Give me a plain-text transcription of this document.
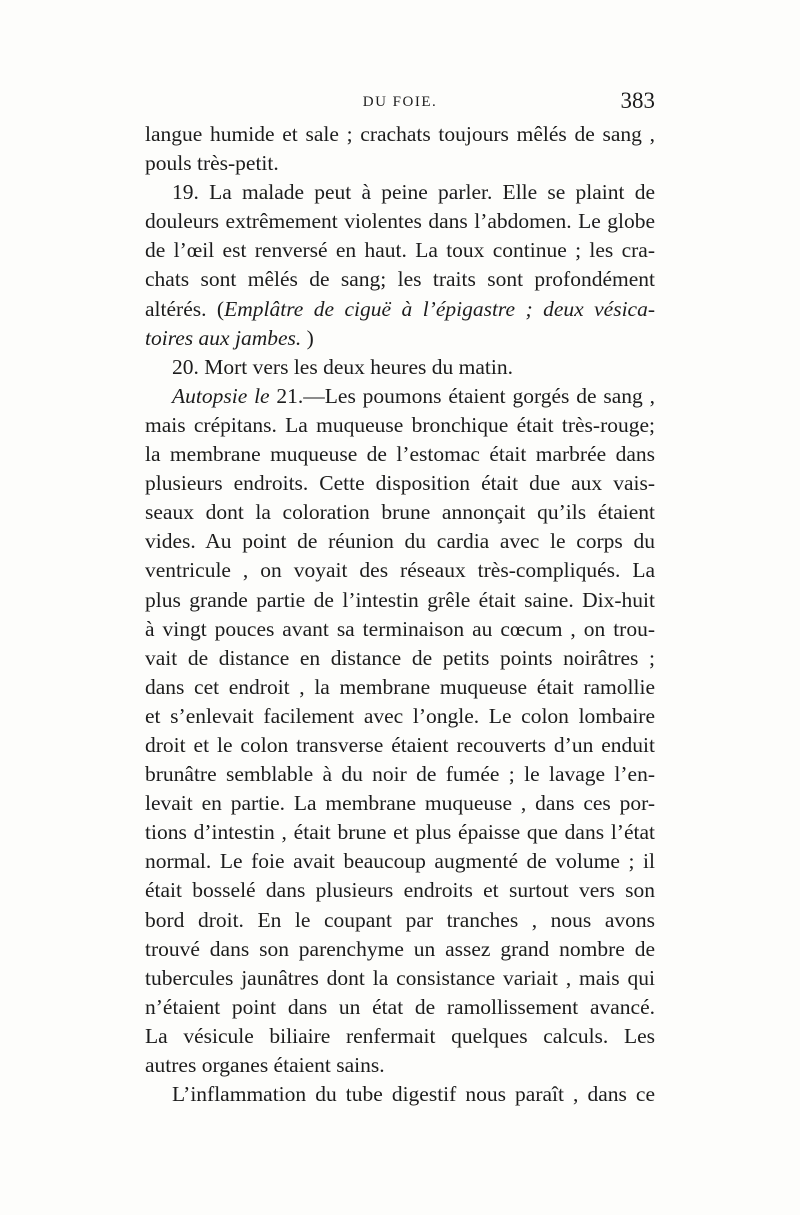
DU FOIE.	383
langue humide et sale ; crachats toujours mêlés de sang ,
pouls très-petit.
19. La malade peut à peine parler. Elle se plaint de
douleurs extrêmement violentes dans l’abdomen. Le globe
de l’œil est renversé en haut. La toux continue ; les cra-
chats sont mêlés de sang; les traits sont profondément
altérés. (Emplâtre de ciguë à l’épigastre ; deux vésica-
toires aux jambes. )
20. Mort vers les deux heures du matin.
Autopsie le 21.—Les poumons étaient gorgés de sang ,
mais crépitans. La muqueuse bronchique était très-rouge;
la membrane muqueuse de l’estomac était marbrée dans
plusieurs endroits. Cette disposition était due aux vais-
seaux dont la coloration brune annonçait qu’ils étaient
vides. Au point de réunion du cardia avec le corps du
ventricule , on voyait des réseaux très-compliqués. La
plus grande partie de l’intestin grêle était saine. Dix-huit
à vingt pouces avant sa terminaison au cœcum , on trou-
vait de distance en distance de petits points noirâtres ;
dans cet endroit , la membrane muqueuse était ramollie
et s’enlevait facilement avec l’ongle. Le colon lombaire
droit et le colon transverse étaient recouverts d’un enduit
brunâtre semblable à du noir de fumée ; le lavage l’en-
levait en partie. La membrane muqueuse , dans ces por-
tions d’intestin , était brune et plus épaisse que dans l’état
normal. Le foie avait beaucoup augmenté de volume ; il
était bosselé dans plusieurs endroits et surtout vers son
bord droit. En le coupant par tranches , nous avons
trouvé dans son parenchyme un assez grand nombre de
tubercules jaunâtres dont la consistance variait , mais qui
n’étaient point dans un état de ramollissement avancé.
La vésicule biliaire renfermait quelques calculs. Les
autres organes étaient sains.
L’inflammation du tube digestif nous paraît , dans ce
